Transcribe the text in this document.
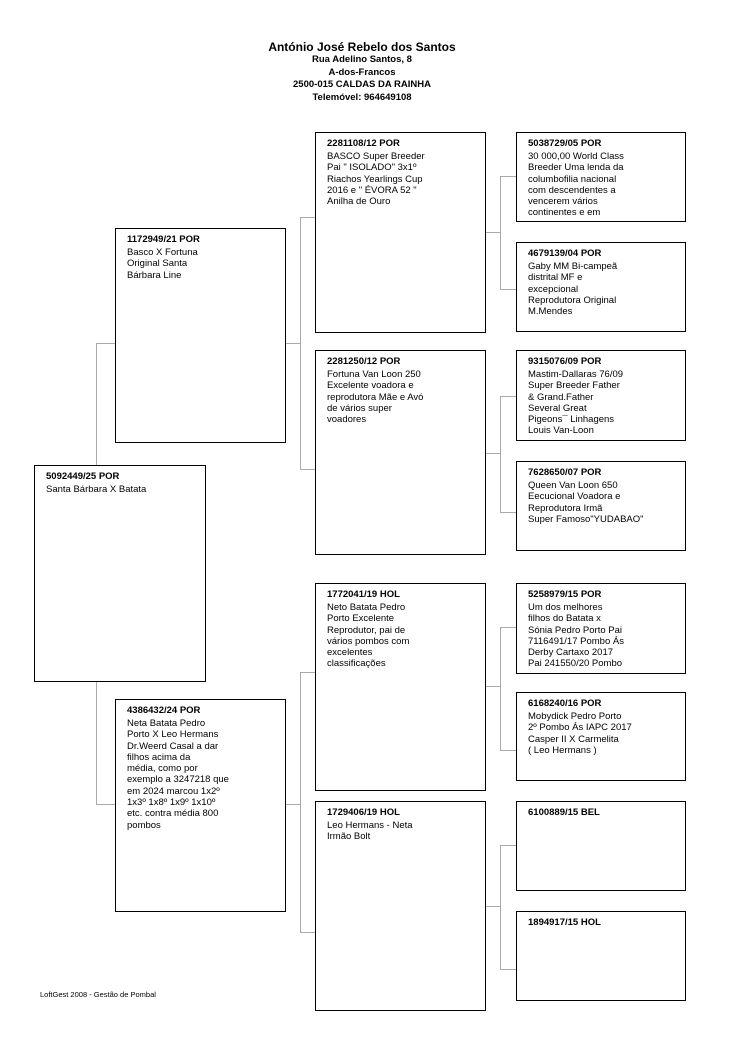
António José Rebelo dos Santos
Rua Adelino Santos, 8
A-dos-Francos
2500-015 CALDAS DA RAINHA
Telemóvel: 964649108
5092449/25 POR
Santa Bárbara X Batata
1172949/21 POR
Basco X Fortuna
Original Santa
Bárbara Line
4386432/24 POR
Neta Batata Pedro
Porto X Leo Hermans
Dr.Weerd Casal a dar
filhos acima da
média, como por
exemplo a 3247218 que
em 2024 marcou 1x2º
1x3º 1x8º 1x9º 1x10º
etc. contra média 800
pombos
2281108/12 POR
BASCO Super Breeder
Pai " ISOLADO" 3x1º
Riachos Yearlings Cup
2016 e " ÉVORA 52 "
Anilha de Ouro
2281250/12 POR
Fortuna Van Loon 250
Excelente voadora e
reprodutora Mãe e Avó
de vários super
voadores
1772041/19 HOL
Neto Batata Pedro
Porto Excelente
Reprodutor, pai de
vários pombos com
excelentes
classificações
1729406/19 HOL
Leo Hermans - Neta
Irmão Bolt
5038729/05 POR
30 000,00 World Class
Breeder Uma lenda da
columbofilia nacional
com descendentes a
vencerem vários
continentes e em
4679139/04 POR
Gaby MM Bi-campeã
distrital MF e
excepcional
Reprodutora Original
M.Mendes
9315076/09 POR
Mastim-Dallaras 76/09
Super Breeder Father
& Grand.Father
Several Great
Pigeons¯ Linhagens
Louis Van-Loon
7628650/07 POR
Queen Van Loon 650
Eecucional Voadora e
Reprodutora Irmã
Super Famoso"YUDABAO"
5258979/15 POR
Um dos melhores
filhos do Batata x
Sónia Pedro Porto Pai
7116491/17 Pombo Ás
Derby Cartaxo 2017
Pai 241550/20 Pombo
6168240/16 POR
Mobydick Pedro Porto
2º Pombo Ás IAPC 2017
Casper II X Carmelita
( Leo Hermans )
6100889/15 BEL
1894917/15 HOL
LoftGest 2008 - Gestão de Pombal
